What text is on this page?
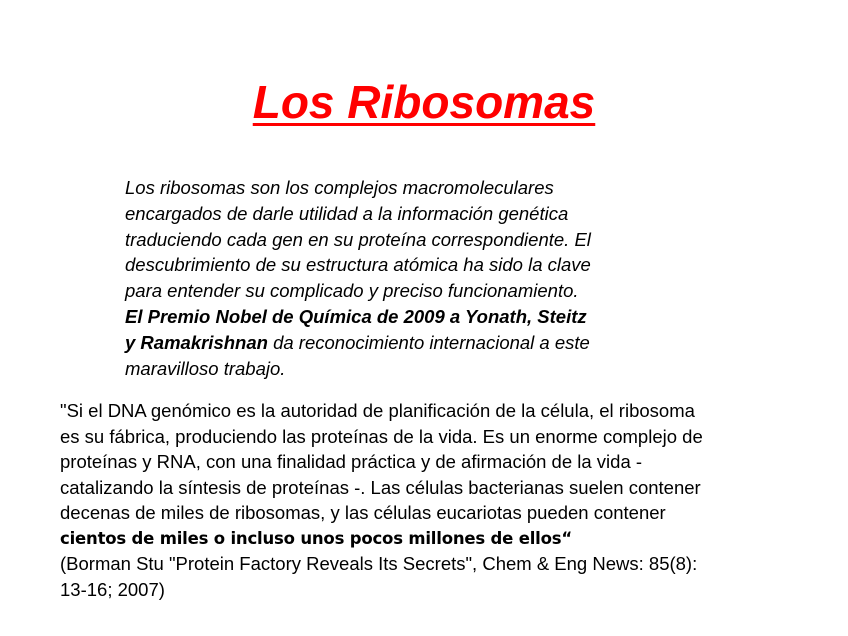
Los Ribosomas

Los ribosomas son los complejos macromoleculares
encargados de darle utilidad a la información genética
traduciendo cada gen en su proteína correspondiente. El
descubrimiento de su estructura atómica ha sido la clave
para entender su complicado y preciso funcionamiento.
El Premio Nobel de Química de 2009 a Yonath, Steitz
y Ramakrishnan da reconocimiento internacional a este
maravilloso trabajo.

"Si el DNA genómico es la autoridad de planificación de la célula, el ribosoma
es su fábrica, produciendo las proteínas de la vida. Es un enorme complejo de
proteínas y RNA, con una finalidad práctica y de afirmación de la vida -
catalizando la síntesis de proteínas -. Las células bacterianas suelen contener
decenas de miles de ribosomas, y las células eucariotas pueden contener
cientos de miles o incluso unos pocos millones de ellos“
(Borman Stu "Protein Factory Reveals Its Secrets", Chem & Eng News: 85(8):
13-16; 2007)
